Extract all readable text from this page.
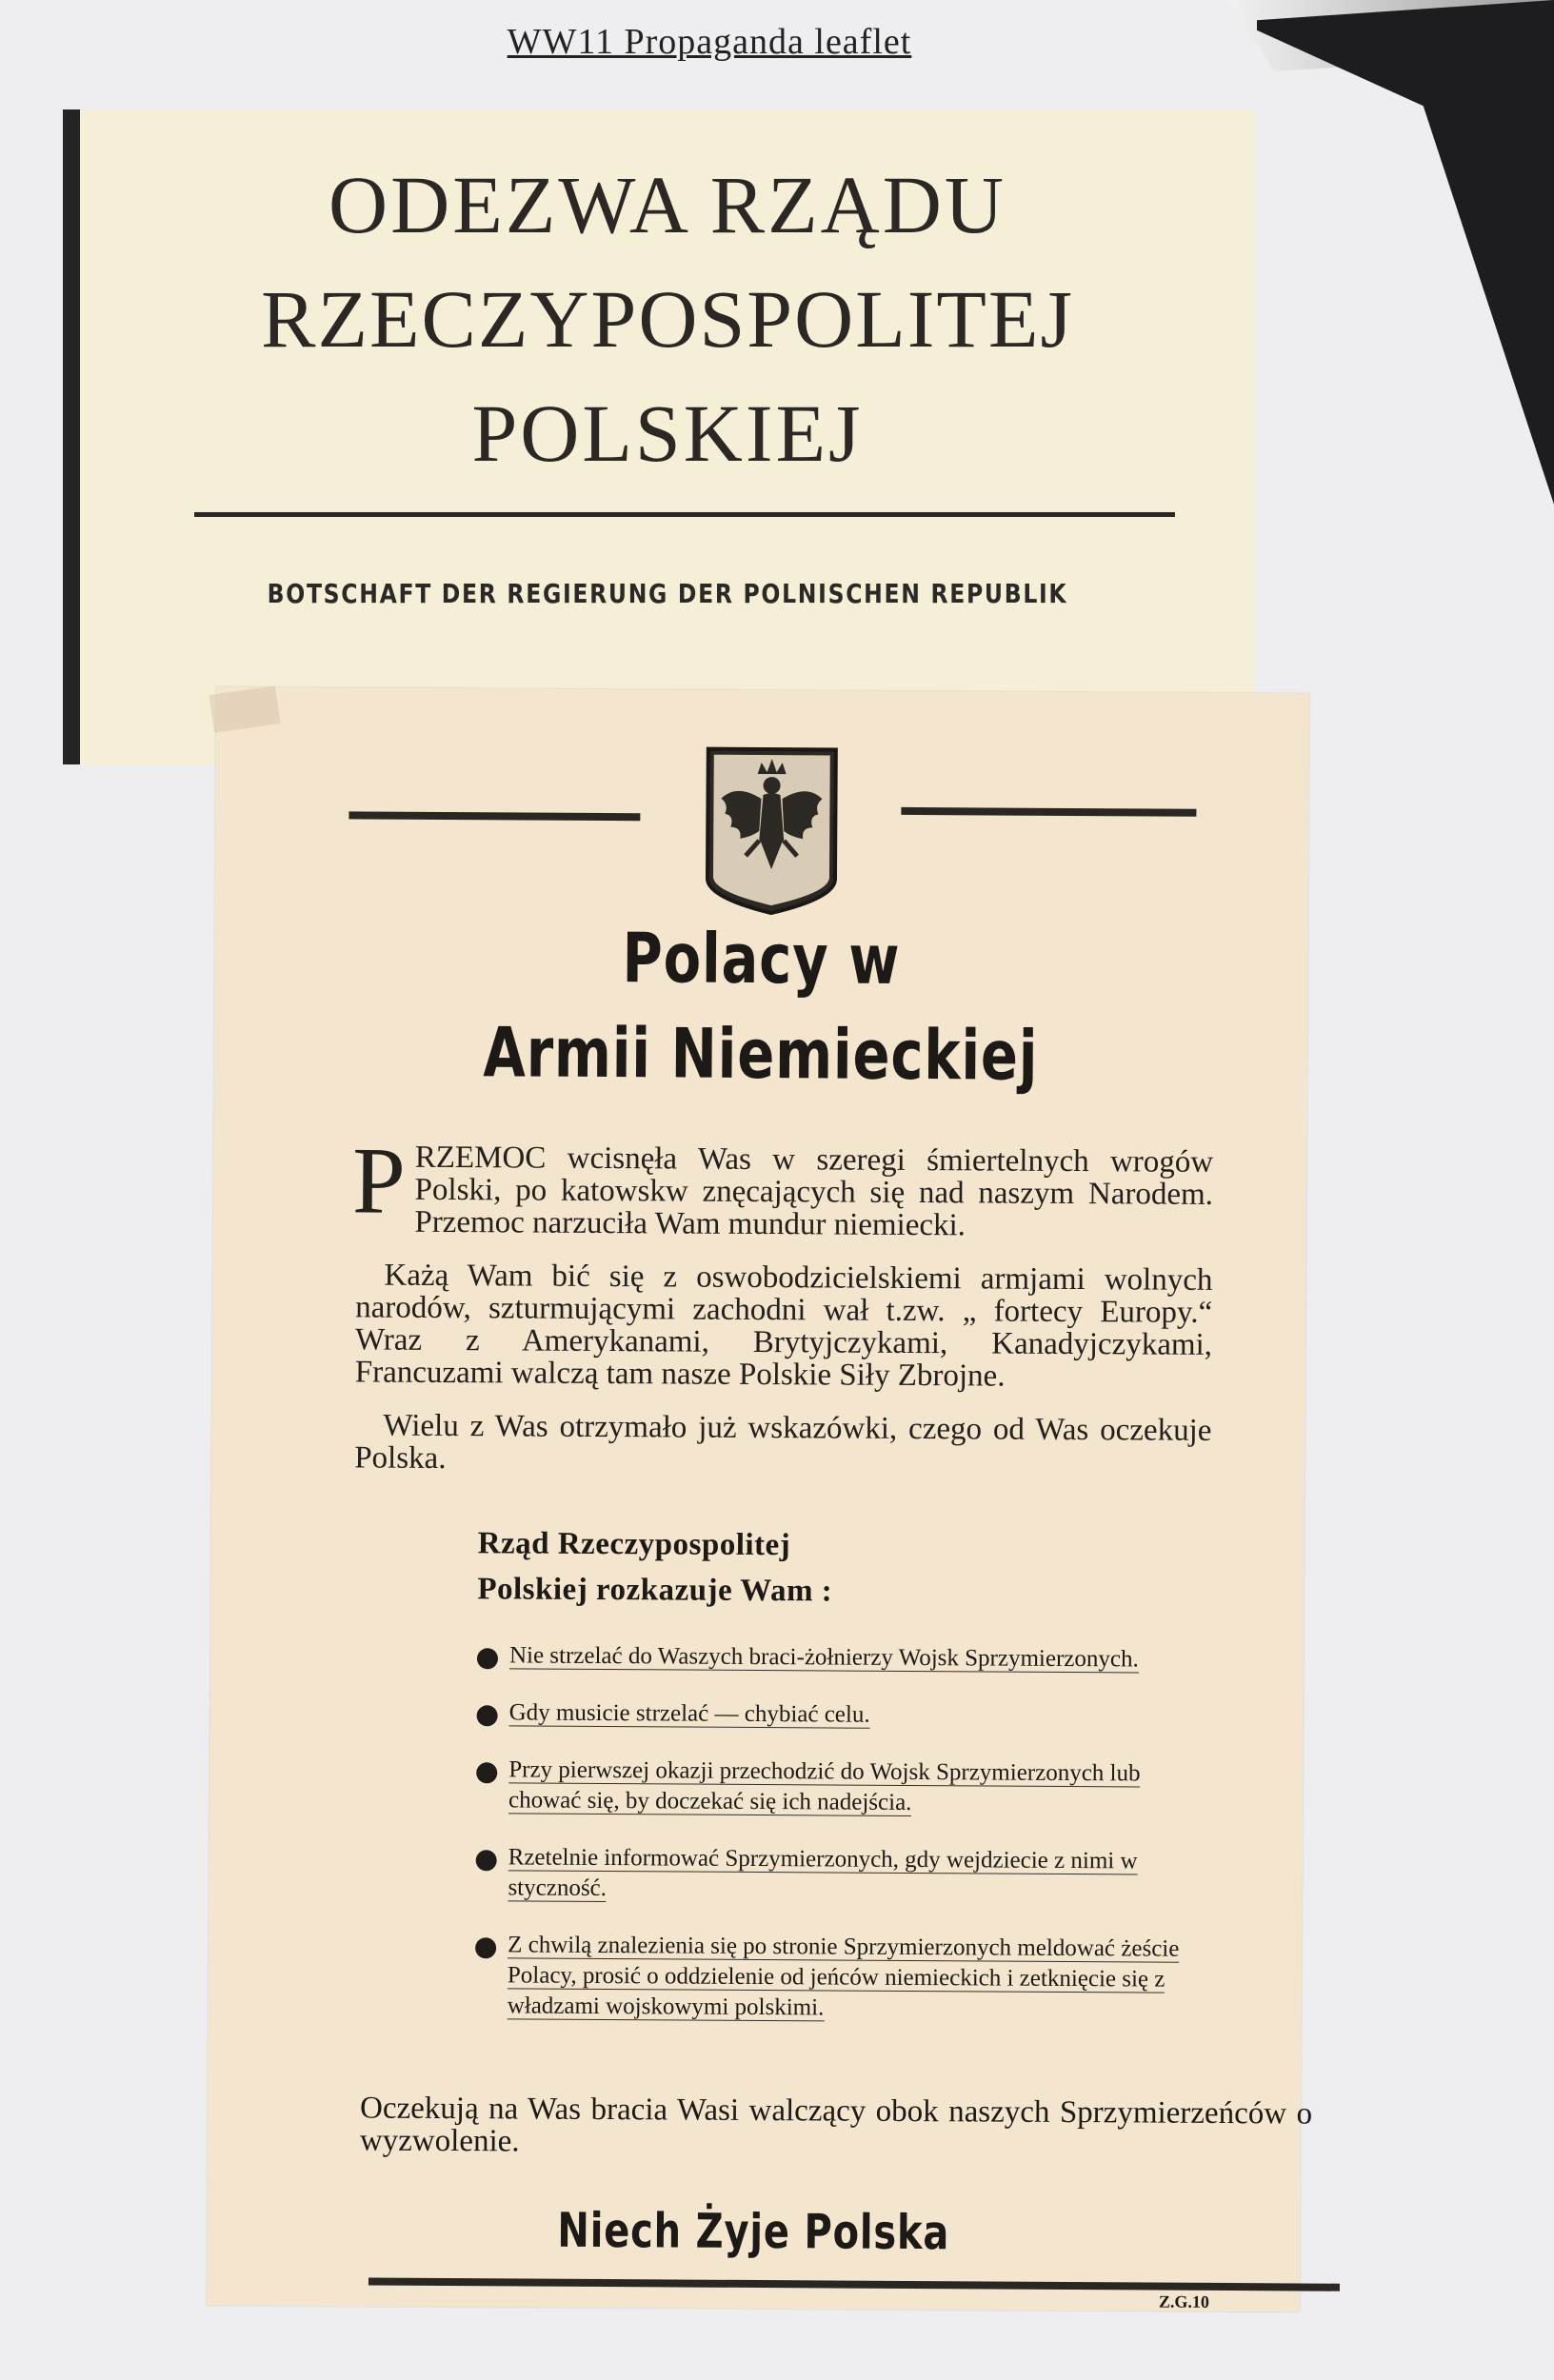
WW11 Propaganda leaflet
ODEZWA RZĄDU
RZECZYPOSPOLITEJ
POLSKIEJ
BOTSCHAFT DER REGIERUNG DER POLNISCHEN REPUBLIK
Polacy w
Armii Niemieckiej

PRZEMOC wcisnęła Was w szeregi śmiertelnych wrogów Polski, po katowskw znęcających się nad naszym Narodem. Przemoc narzuciła Wam mundur niemiecki.

Każą Wam bić się z oswobodzicielskiemi armjami wolnych narodów, szturmującymi zachodni wał t.zw. „ fortecy Europy.“ Wraz z Amerykanami, Brytyjczykami, Kanadyjczykami, Francuzami walczą tam nasze Polskie Siły Zbrojne.

Wielu z Was otrzymało już wskazówki, czego od Was oczekuje Polska.

Rząd Rzeczypospolitej
Polskiej rozkazuje Wam :
Nie strzelać do Waszych braci-żołnierzy Wojsk Sprzymierzonych.
Gdy musicie strzelać — chybiać celu.
Przy pierwszej okazji przechodzić do Wojsk Sprzymierzonych lub chować się, by doczekać się ich nadejścia.
Rzetelnie informować Sprzymierzonych, gdy wejdziecie z nimi w styczność.
Z chwilą znalezienia się po stronie Sprzymierzonych meldować żeście Polacy, prosić o oddzielenie od jeńców niemieckich i zetknięcie się z władzami wojskowymi polskimi.
Oczekują na Was bracia Wasi walczący obok naszych Sprzymierzeńców o wyzwolenie.
Niech Żyje Polska
Z.G.10
